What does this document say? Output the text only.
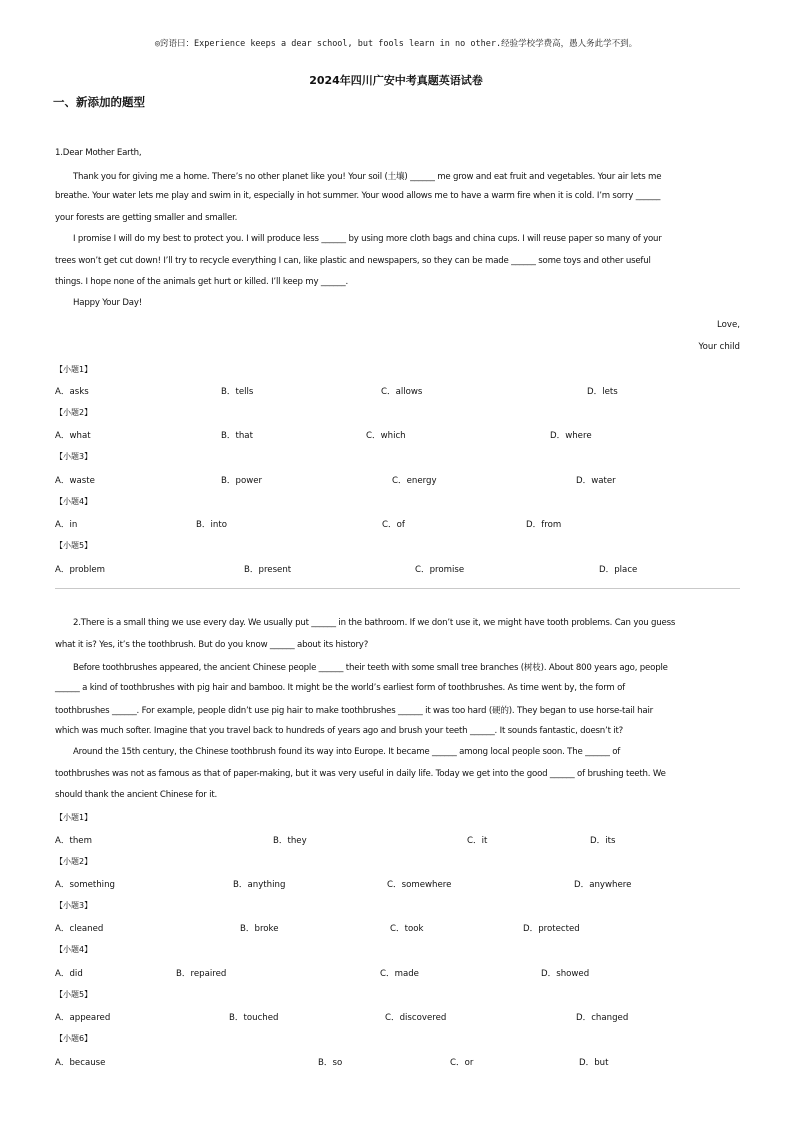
◎窍语曰：Experience keeps a dear school, but fools learn in no other.经验学校学费高，愚人务此学不到。
2024年四川广安中考真题英语试卷
一、新添加的题型
1.Dear Mother Earth,
Thank you for giving me a home. There’s no other planet like you! Your soil (土壤) ______ me grow and eat fruit and vegetables. Your air lets me
breathe. Your water lets me play and swim in it, especially in hot summer. Your wood allows me to have a warm fire when it is cold. I’m sorry ______
your forests are getting smaller and smaller.
I promise I will do my best to protect you. I will produce less ______ by using more cloth bags and china cups. I will reuse paper so many of your
trees won’t get cut down! I’ll try to recycle everything I can, like plastic and newspapers, so they can be made ______ some toys and other useful
things. I hope none of the animals get hurt or killed. I’ll keep my ______.
Happy Your Day!
Love,
Your child
【小题1】
A．asks	B．tells	C．allows	D．lets
【小题2】
A．what	B．that	C．which	D．where
【小题3】
A．waste	B．power	C．energy	D．water
【小题4】
A．in	B．into	C．of	D．from
【小题5】
A．problem	B．present	C．promise	D．place
2.There is a small thing we use every day. We usually put ______ in the bathroom. If we don’t use it, we might have tooth problems. Can you guess
what it is? Yes, it’s the toothbrush. But do you know ______ about its history?
Before toothbrushes appeared, the ancient Chinese people ______ their teeth with some small tree branches (树枝). About 800 years ago, people
______ a kind of toothbrushes with pig hair and bamboo. It might be the world’s earliest form of toothbrushes. As time went by, the form of
toothbrushes ______. For example, people didn’t use pig hair to make toothbrushes ______ it was too hard (硬的). They began to use horse-tail hair
which was much softer. Imagine that you travel back to hundreds of years ago and brush your teeth ______. It sounds fantastic, doesn’t it?
Around the 15th century, the Chinese toothbrush found its way into Europe. It became ______ among local people soon. The ______ of
toothbrushes was not as famous as that of paper-making, but it was very useful in daily life. Today we get into the good ______ of brushing teeth. We
should thank the ancient Chinese for it.
【小题1】
A．them	B．they	C．it	D．its
【小题2】
A．something	B．anything	C．somewhere	D．anywhere
【小题3】
A．cleaned	B．broke	C．took	D．protected
【小题4】
A．did	B．repaired	C．made	D．showed
【小题5】
A．appeared	B．touched	C．discovered	D．changed
【小题6】
A．because	B．so	C．or	D．but
